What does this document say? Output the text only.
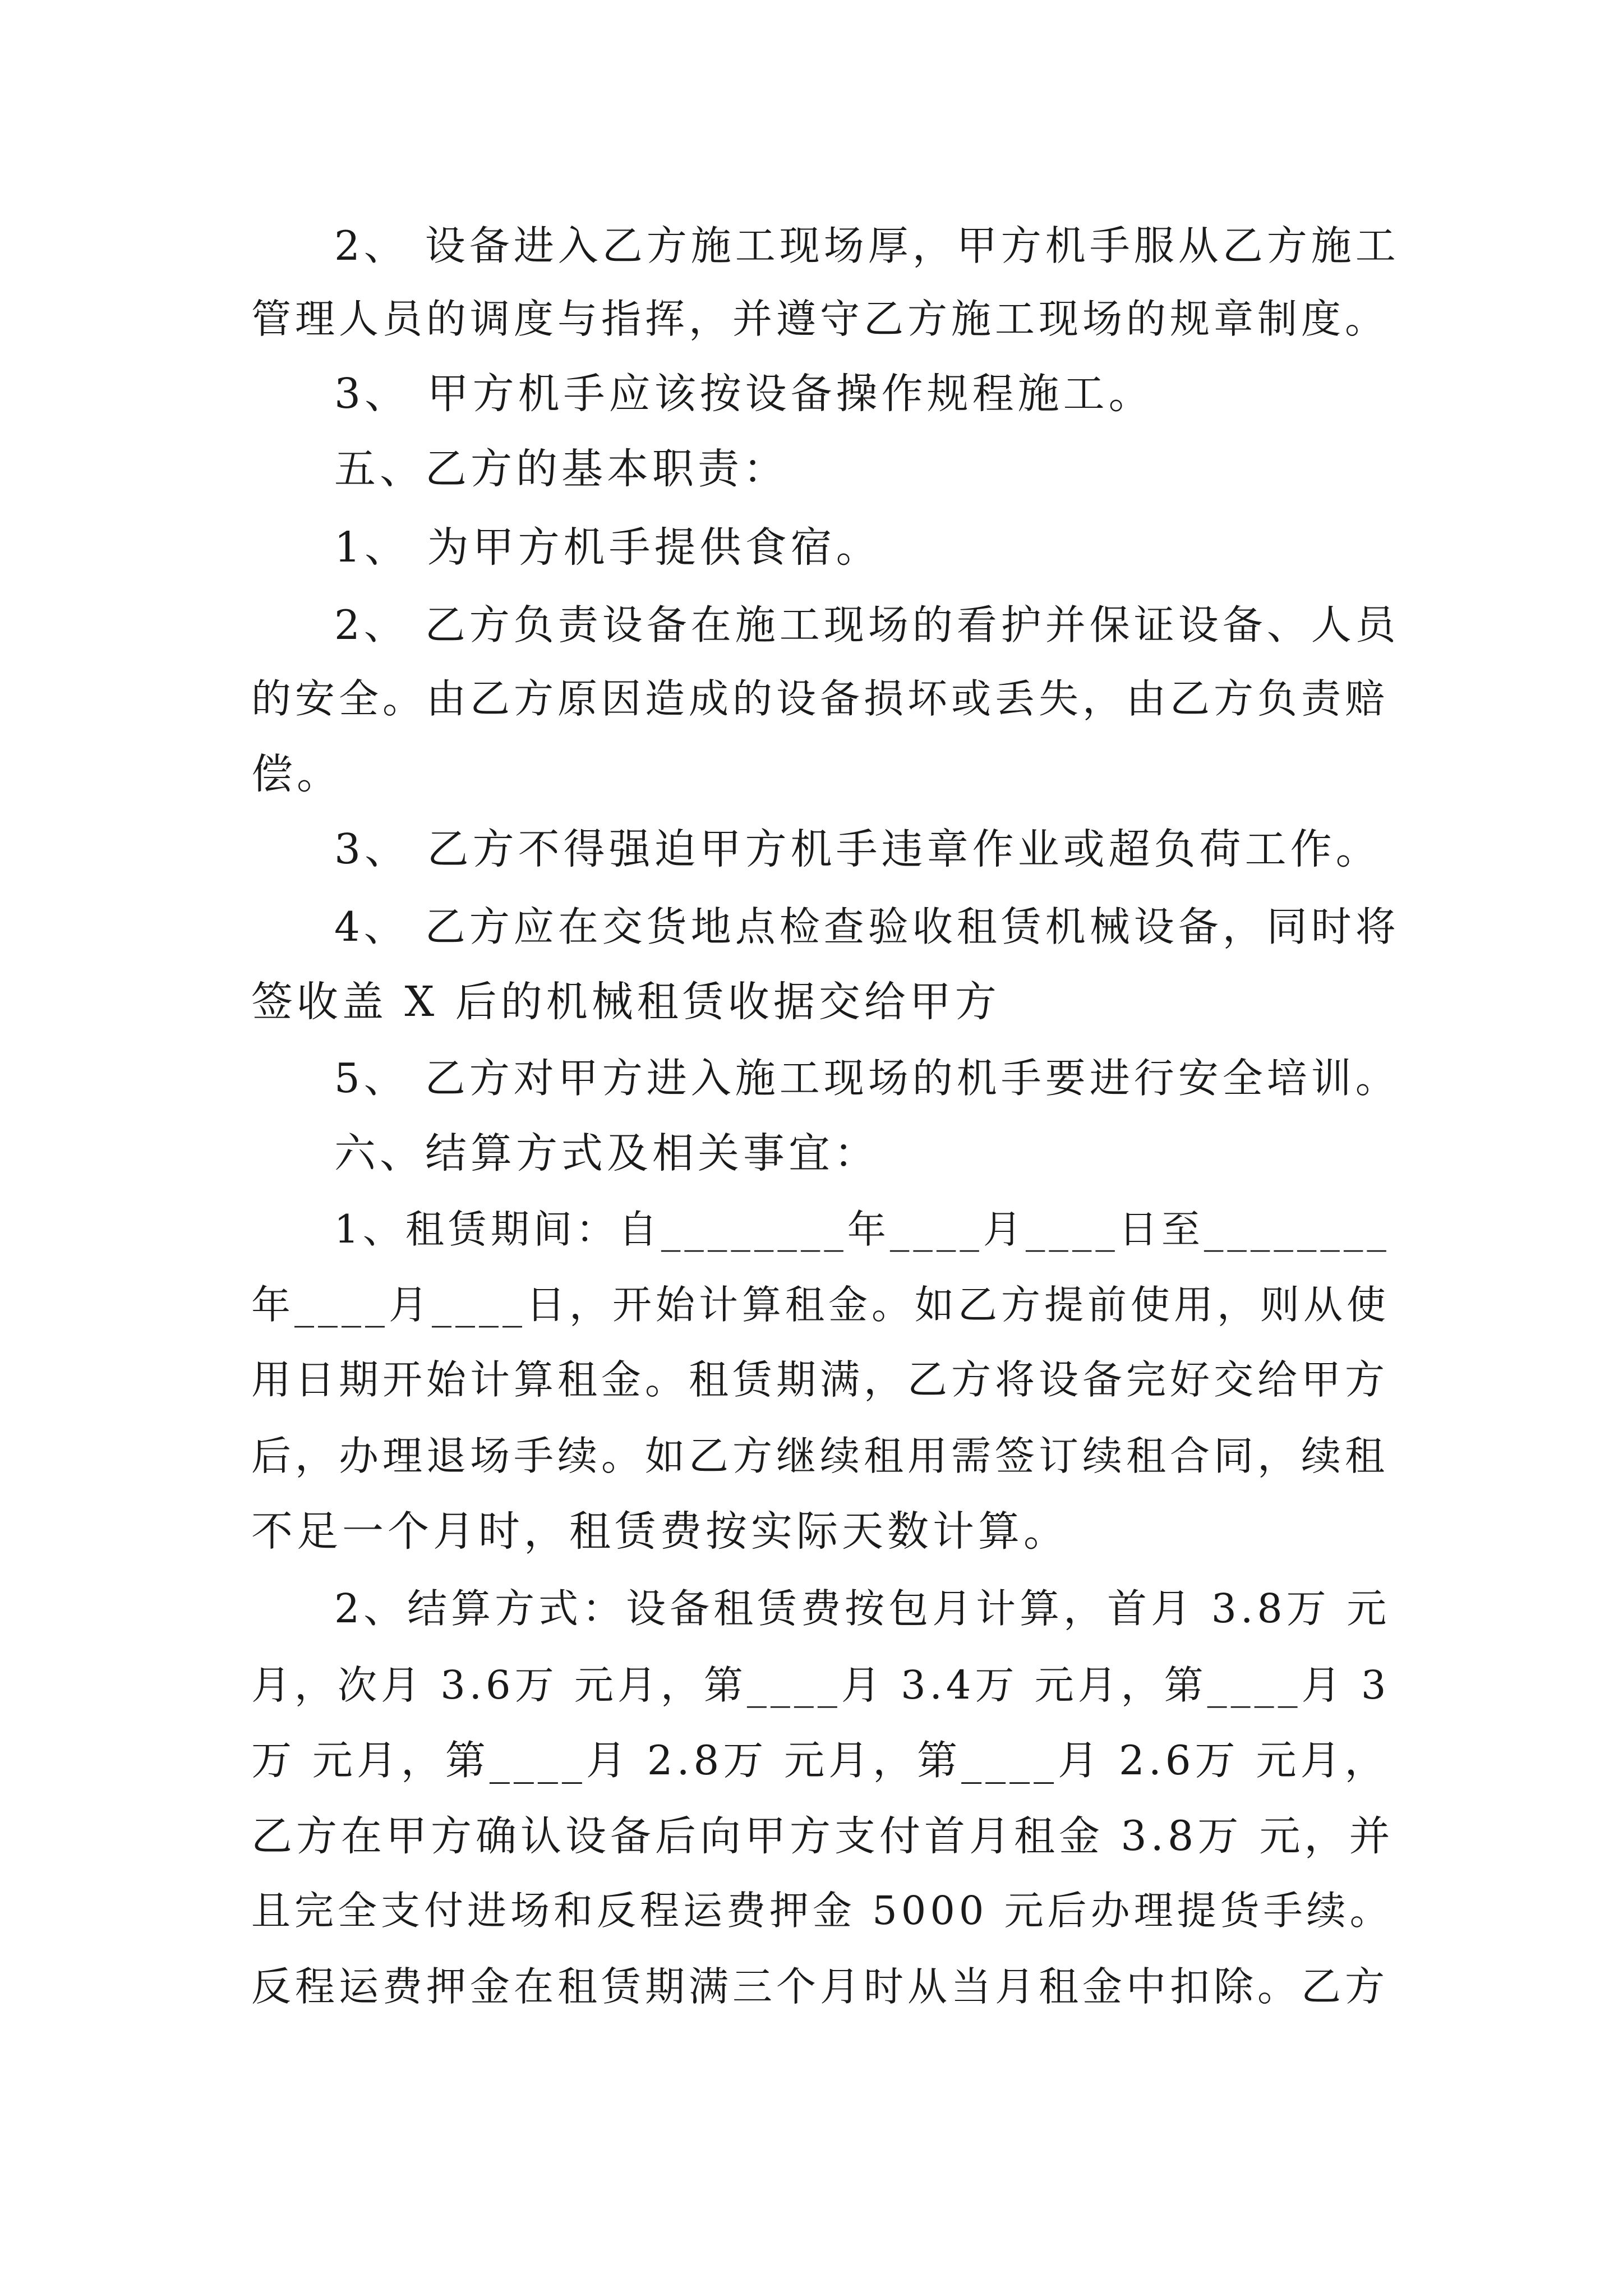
2、 设备进入乙方施工现场厚，甲方机手服从乙方施工
管理人员的调度与指挥，并遵守乙方施工现场的规章制度。
3、 甲方机手应该按设备操作规程施工。
五、乙方的基本职责：
1、 为甲方机手提供食宿。
2、 乙方负责设备在施工现场的看护并保证设备、人员
的安全。由乙方原因造成的设备损坏或丢失，由乙方负责赔
偿。
3、 乙方不得强迫甲方机手违章作业或超负荷工作。
4、 乙方应在交货地点检查验收租赁机械设备，同时将
签收盖 X 后的机械租赁收据交给甲方
5、 乙方对甲方进入施工现场的机手要进行安全培训。
六、结算方式及相关事宜：
1、租赁期间：自________年____月____日至________
年____月____日，开始计算租金。如乙方提前使用，则从使
用日期开始计算租金。租赁期满，乙方将设备完好交给甲方
后，办理退场手续。如乙方继续租用需签订续租合同，续租
不足一个月时，租赁费按实际天数计算。
2、结算方式：设备租赁费按包月计算，首月 3.8万 元
月，次月 3.6万 元月，第____月 3.4万 元月，第____月 3
万 元月，第____月 2.8万 元月，第____月 2.6万 元月，
乙方在甲方确认设备后向甲方支付首月租金 3.8万 元，并
且完全支付进场和反程运费押金 5000 元后办理提货手续。
反程运费押金在租赁期满三个月时从当月租金中扣除。乙方
